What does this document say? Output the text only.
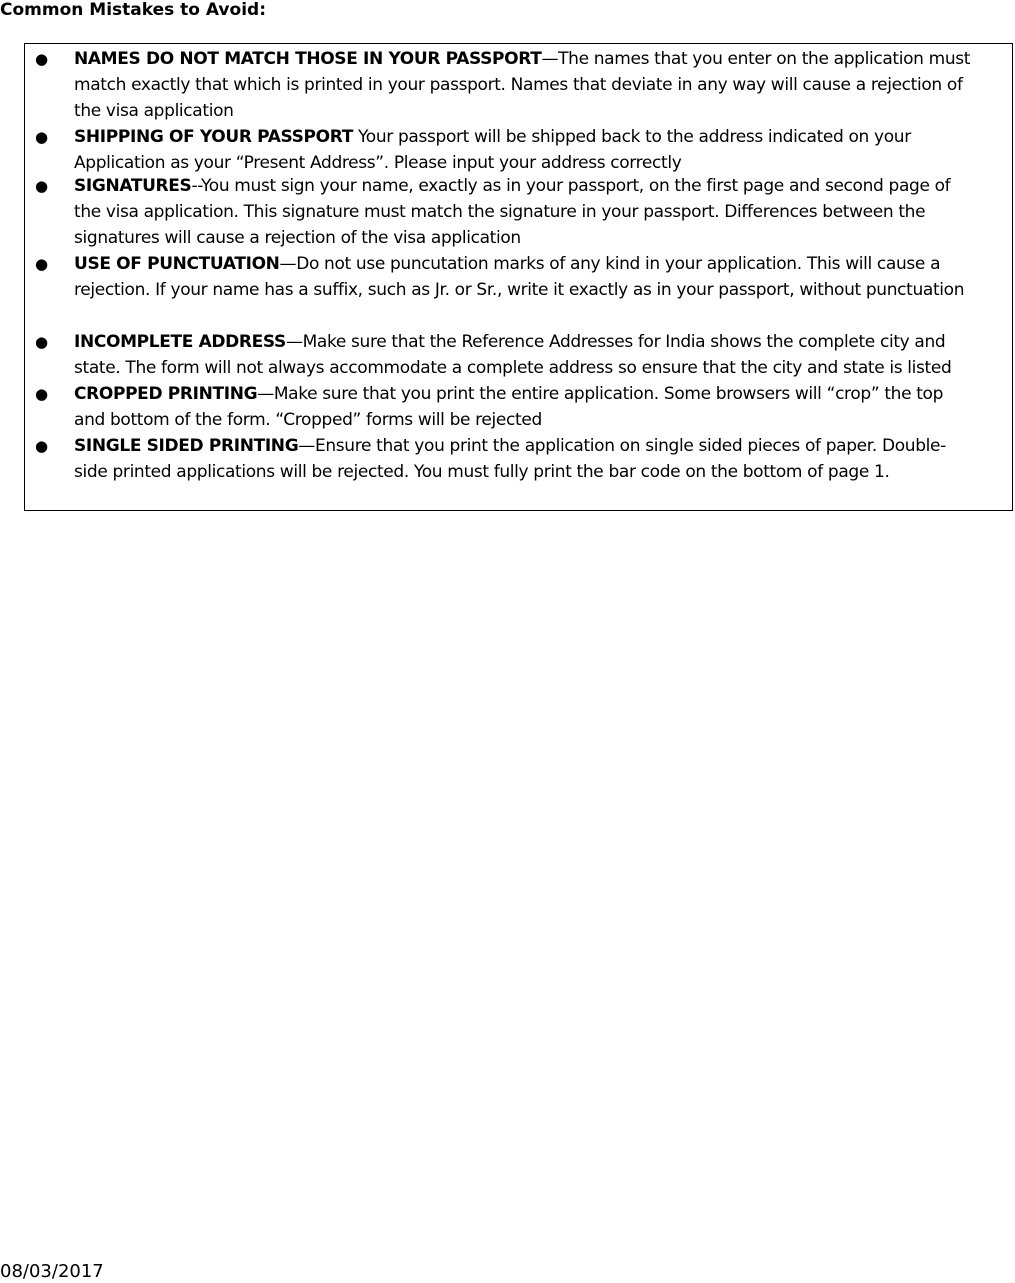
Common Mistakes to Avoid:
● NAMES DO NOT MATCH THOSE IN YOUR PASSPORT—The names that you enter on the application must match exactly that which is printed in your passport. Names that deviate in any way will cause a rejection of the visa application
● SHIPPING OF YOUR PASSPORT Your passport will be shipped back to the address indicated on your Application as your “Present Address”. Please input your address correctly
● SIGNATURES--You must sign your name, exactly as in your passport, on the first page and second page of the visa application. This signature must match the signature in your passport. Differences between the signatures will cause a rejection of the visa application
● USE OF PUNCTUATION—Do not use puncutation marks of any kind in your application. This will cause a rejection. If your name has a suffix, such as Jr. or Sr., write it exactly as in your passport, without punctuation
● INCOMPLETE ADDRESS—Make sure that the Reference Addresses for India shows the complete city and state. The form will not always accommodate a complete address so ensure that the city and state is listed
● CROPPED PRINTING—Make sure that you print the entire application. Some browsers will “crop” the top and bottom of the form. “Cropped” forms will be rejected
● SINGLE SIDED PRINTING—Ensure that you print the application on single sided pieces of paper. Double-side printed applications will be rejected. You must fully print the bar code on the bottom of page 1.
08/03/2017
